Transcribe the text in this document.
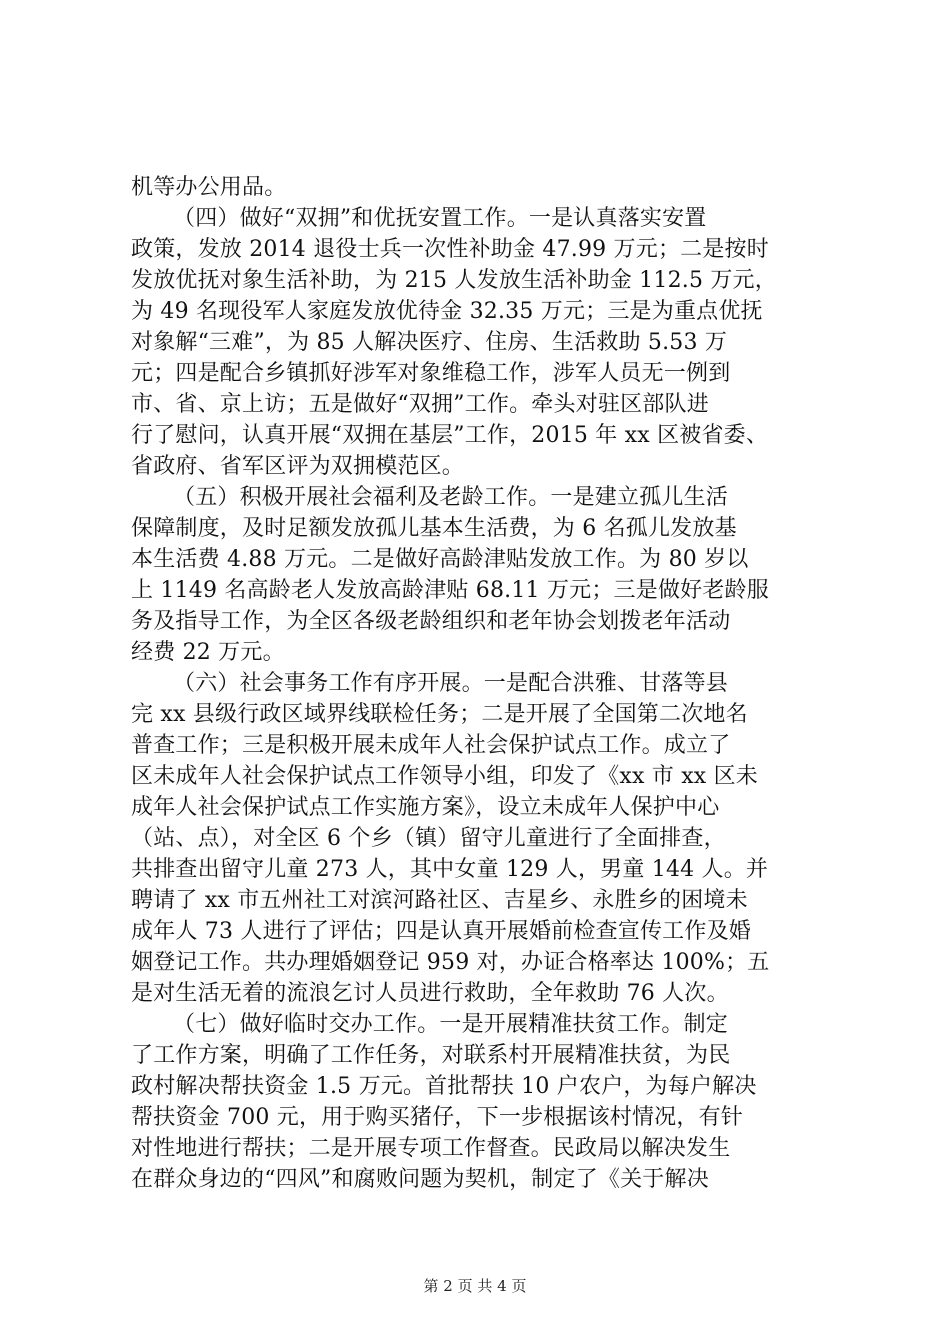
机等办公用品。
（四）做好“双拥”和优抚安置工作。一是认真落实安置
政策，发放 2014 退役士兵一次性补助金 47.99 万元；二是按时
发放优抚对象生活补助，为 215 人发放生活补助金 112.5 万元，
为 49 名现役军人家庭发放优待金 32.35 万元；三是为重点优抚
对象解“三难”，为 85 人解决医疗、住房、生活救助 5.53 万
元；四是配合乡镇抓好涉军对象维稳工作，涉军人员无一例到
市、省、京上访；五是做好“双拥”工作。牵头对驻区部队进
行了慰问，认真开展“双拥在基层”工作，2015 年 xx 区被省委、
省政府、省军区评为双拥模范区。
（五）积极开展社会福利及老龄工作。一是建立孤儿生活
保障制度，及时足额发放孤儿基本生活费，为 6 名孤儿发放基
本生活费 4.88 万元。二是做好高龄津贴发放工作。为 80 岁以
上 1149 名高龄老人发放高龄津贴 68.11 万元；三是做好老龄服
务及指导工作，为全区各级老龄组织和老年协会划拨老年活动
经费 22 万元。
（六）社会事务工作有序开展。一是配合洪雅、甘落等县
完 xx 县级行政区域界线联检任务；二是开展了全国第二次地名
普查工作；三是积极开展未成年人社会保护试点工作。成立了
区未成年人社会保护试点工作领导小组，印发了《xx 市 xx 区未
成年人社会保护试点工作实施方案》，设立未成年人保护中心
（站、点），对全区 6 个乡（镇）留守儿童进行了全面排查，
共排查出留守儿童 273 人，其中女童 129 人，男童 144 人。并
聘请了 xx 市五州社工对滨河路社区、吉星乡、永胜乡的困境未
成年人 73 人进行了评估；四是认真开展婚前检查宣传工作及婚
姻登记工作。共办理婚姻登记 959 对，办证合格率达 100%；五
是对生活无着的流浪乞讨人员进行救助，全年救助 76 人次。
（七）做好临时交办工作。一是开展精准扶贫工作。制定
了工作方案，明确了工作任务，对联系村开展精准扶贫，为民
政村解决帮扶资金 1.5 万元。首批帮扶 10 户农户，为每户解决
帮扶资金 700 元，用于购买猪仔，下一步根据该村情况，有针
对性地进行帮扶；二是开展专项工作督查。民政局以解决发生
在群众身边的“四风”和腐败问题为契机，制定了《关于解决
第 2 页 共 4 页
